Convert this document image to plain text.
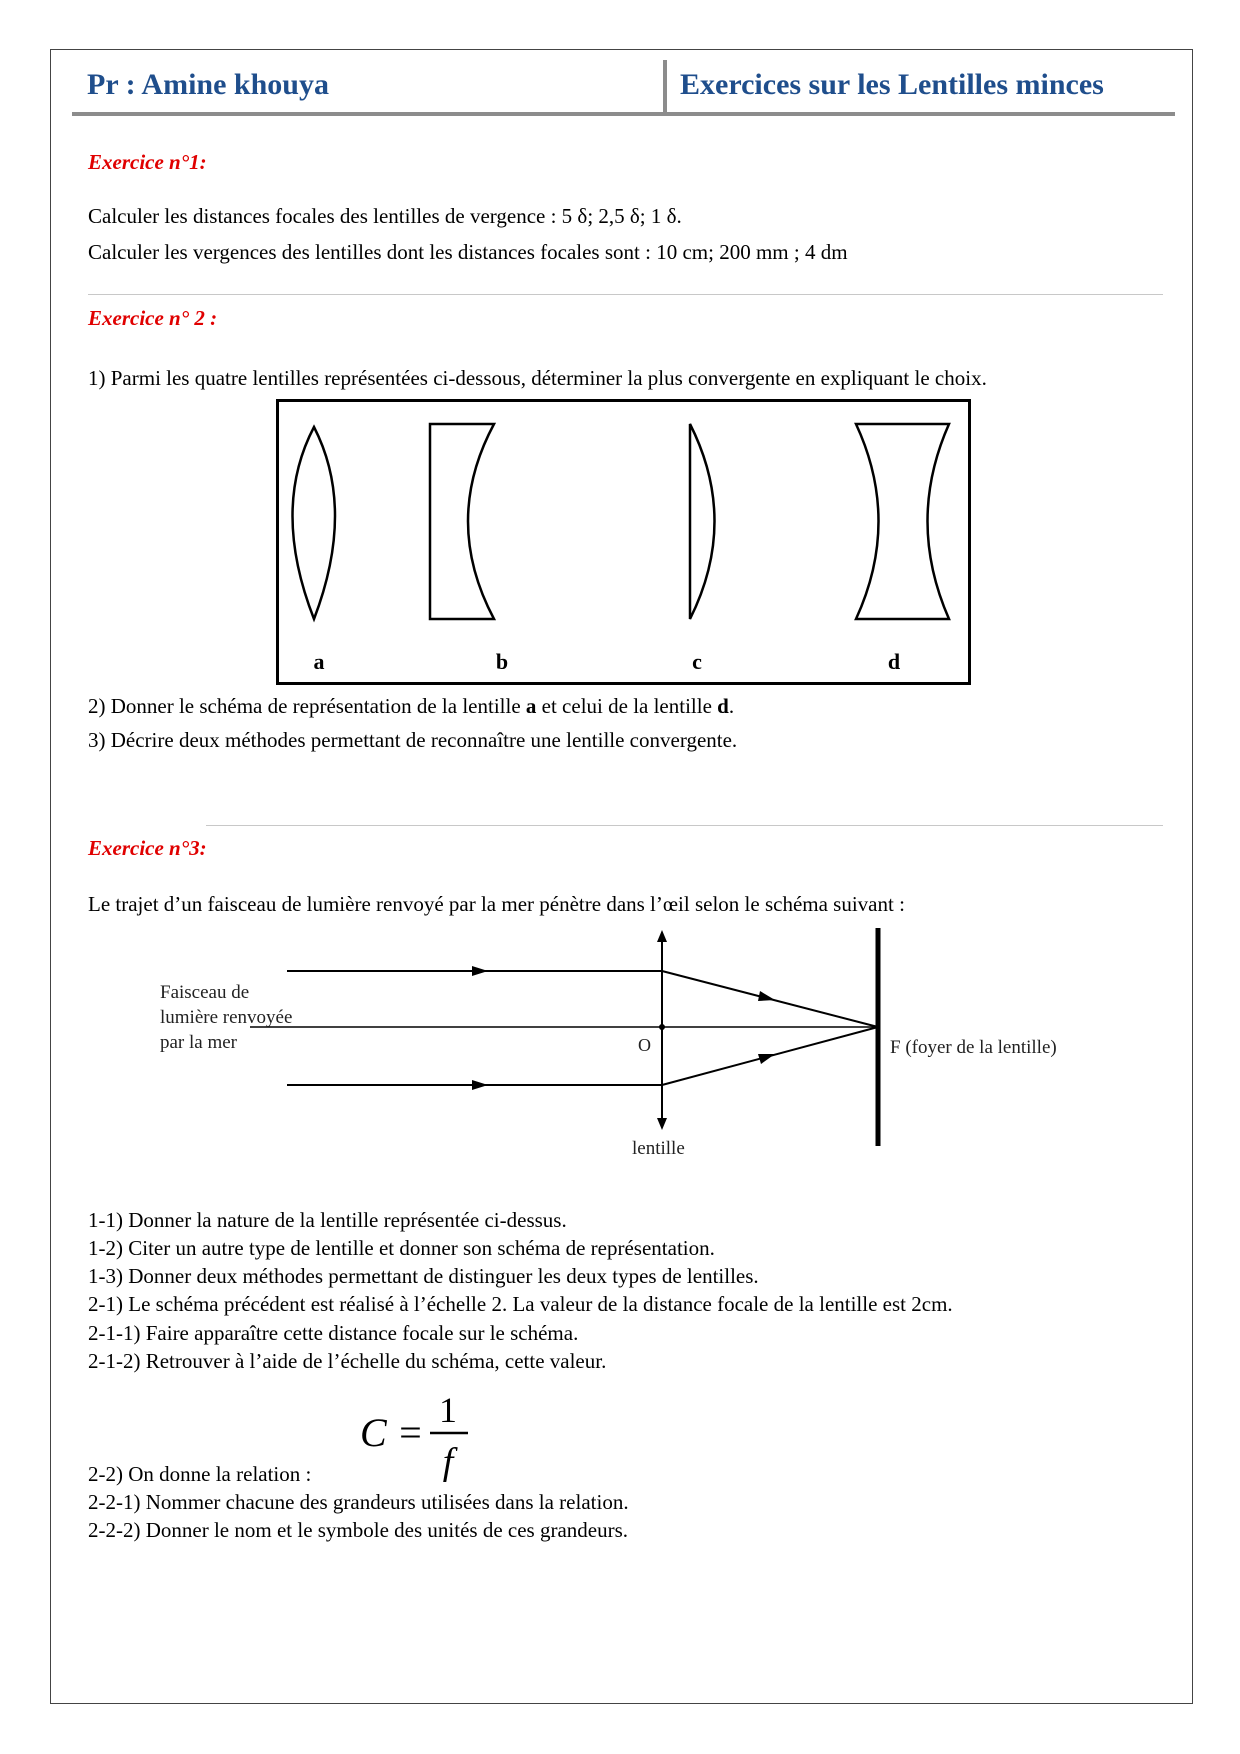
Pr : Amine khouya	Exercices sur les Lentilles minces
Exercice n°1:
Calculer les distances focales des lentilles de vergence : 5 δ; 2,5 δ; 1 δ.
Calculer les vergences des lentilles dont les distances focales sont : 10 cm; 200 mm ; 4 dm
Exercice n° 2 :
1) Parmi les quatre lentilles représentées ci-dessous, déterminer la plus convergente en expliquant le choix.
a	b	c	d
2) Donner le schéma de représentation de la lentille a et celui de la lentille d.
3) Décrire deux méthodes permettant de reconnaître une lentille convergente.
Exercice n°3:
Le trajet d’un faisceau de lumière renvoyé par la mer pénètre dans l’œil selon le schéma suivant :
Faisceau de
lumière renvoyée
par la mer	O	F (foyer de la lentille)
lentille
1-1) Donner la nature de la lentille représentée ci-dessus.
1-2) Citer un autre type de lentille et donner son schéma de représentation.
1-3) Donner deux méthodes permettant de distinguer les deux types de lentilles.
2-1) Le schéma précédent est réalisé à l’échelle 2. La valeur de la distance focale de la lentille est 2cm.
2-1-1) Faire apparaître cette distance focale sur le schéma.
2-1-2) Retrouver à l’aide de l’échelle du schéma, cette valeur.
C = 1
f
2-2) On donne la relation :
2-2-1) Nommer chacune des grandeurs utilisées dans la relation.
2-2-2) Donner le nom et le symbole des unités de ces grandeurs.
